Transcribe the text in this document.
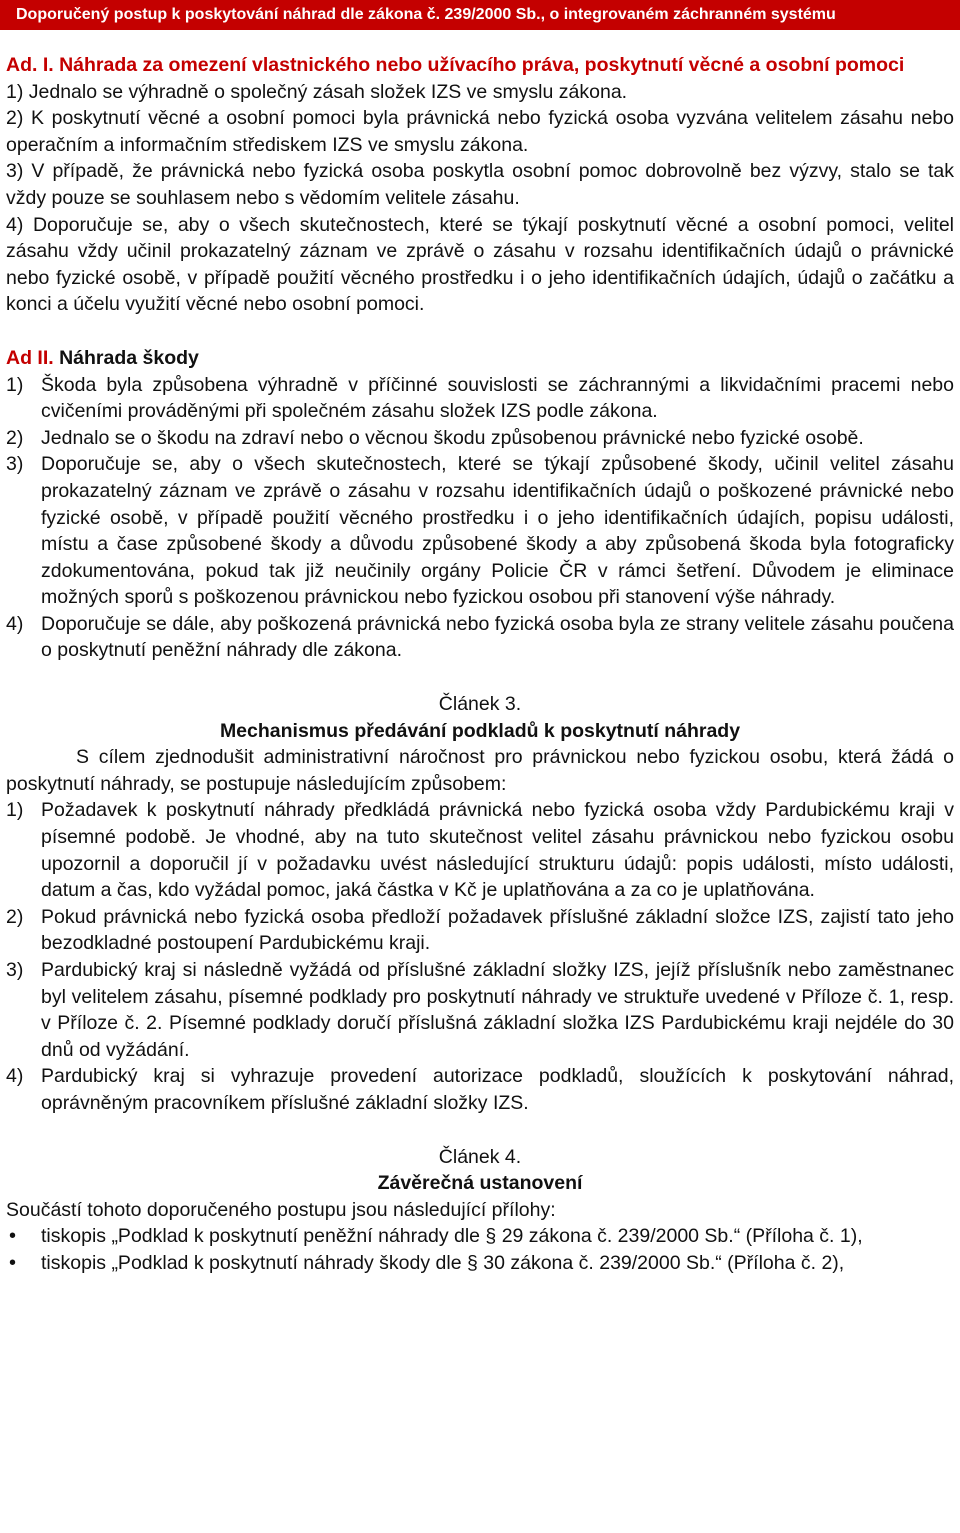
Doporučený postup k poskytování náhrad dle zákona č. 239/2000 Sb., o integrovaném záchranném systému
Ad. I. Náhrada za omezení vlastnického nebo užívacího práva, poskytnutí věcné a osobní pomoci
1) Jednalo se výhradně o společný zásah složek IZS ve smyslu zákona.
2) K poskytnutí věcné a osobní pomoci byla právnická nebo fyzická osoba vyzvána velitelem zásahu nebo operačním a informačním střediskem IZS ve smyslu zákona.
3) V případě, že právnická nebo fyzická osoba poskytla osobní pomoc dobrovolně bez výzvy, stalo se tak vždy pouze se souhlasem nebo s vědomím velitele zásahu.
4) Doporučuje se, aby o všech skutečnostech, které se týkají poskytnutí věcné a osobní pomoci, velitel zásahu vždy učinil prokazatelný záznam ve zprávě o zásahu v rozsahu identifikačních údajů o právnické nebo fyzické osobě, v případě použití věcného prostředku i o jeho identifikačních údajích, údajů o začátku a konci a účelu využití věcné nebo osobní pomoci.
Ad II. Náhrada škody
1) Škoda byla způsobena výhradně v příčinné souvislosti se záchrannými a likvidačními pracemi nebo cvičeními prováděnými při společném zásahu složek IZS podle zákona.
2) Jednalo se o škodu na zdraví nebo o věcnou škodu způsobenou právnické nebo fyzické osobě.
3) Doporučuje se, aby o všech skutečnostech, které se týkají způsobené škody, učinil velitel zásahu prokazatelný záznam ve zprávě o zásahu v rozsahu identifikačních údajů o poškozené právnické nebo fyzické osobě, v případě použití věcného prostředku i o jeho identifikačních údajích, popisu události, místu a čase způsobené škody a důvodu způsobené škody a aby způsobená škoda byla fotograficky zdokumentována, pokud tak již neučinily orgány Policie ČR v rámci šetření. Důvodem je eliminace možných sporů s poškozenou právnickou nebo fyzickou osobou při stanovení výše náhrady.
4) Doporučuje se dále, aby poškozená právnická nebo fyzická osoba byla ze strany velitele zásahu poučena o poskytnutí peněžní náhrady dle zákona.
Článek 3.
Mechanismus předávání podkladů k poskytnutí náhrady
S cílem zjednodušit administrativní náročnost pro právnickou nebo fyzickou osobu, která žádá o poskytnutí náhrady, se postupuje následujícím způsobem:
1) Požadavek k poskytnutí náhrady předkládá právnická nebo fyzická osoba vždy Pardubickému kraji v písemné podobě. Je vhodné, aby na tuto skutečnost velitel zásahu právnickou nebo fyzickou osobu upozornil a doporučil jí v požadavku uvést následující strukturu údajů: popis události, místo události, datum a čas, kdo vyžádal pomoc, jaká částka v Kč je uplatňována a za co je uplatňována.
2) Pokud právnická nebo fyzická osoba předloží požadavek příslušné základní složce IZS, zajistí tato jeho bezodkladné postoupení Pardubickému kraji.
3) Pardubický kraj si následně vyžádá od příslušné základní složky IZS, jejíž příslušník nebo zaměstnanec byl velitelem zásahu, písemné podklady pro poskytnutí náhrady ve struktuře uvedené v Příloze č. 1, resp. v Příloze č. 2. Písemné podklady doručí příslušná základní složka IZS Pardubickému kraji nejdéle do 30 dnů od vyžádání.
4) Pardubický kraj si vyhrazuje provedení autorizace podkladů, sloužících k poskytování náhrad, oprávněným pracovníkem příslušné základní složky IZS.
Článek 4.
Závěrečná ustanovení
Součástí tohoto doporučeného postupu jsou následující přílohy:
• tiskopis „Podklad k poskytnutí peněžní náhrady dle § 29 zákona č. 239/2000 Sb.“ (Příloha č. 1),
• tiskopis „Podklad k poskytnutí náhrady škody dle § 30 zákona č. 239/2000 Sb.“ (Příloha č. 2),
